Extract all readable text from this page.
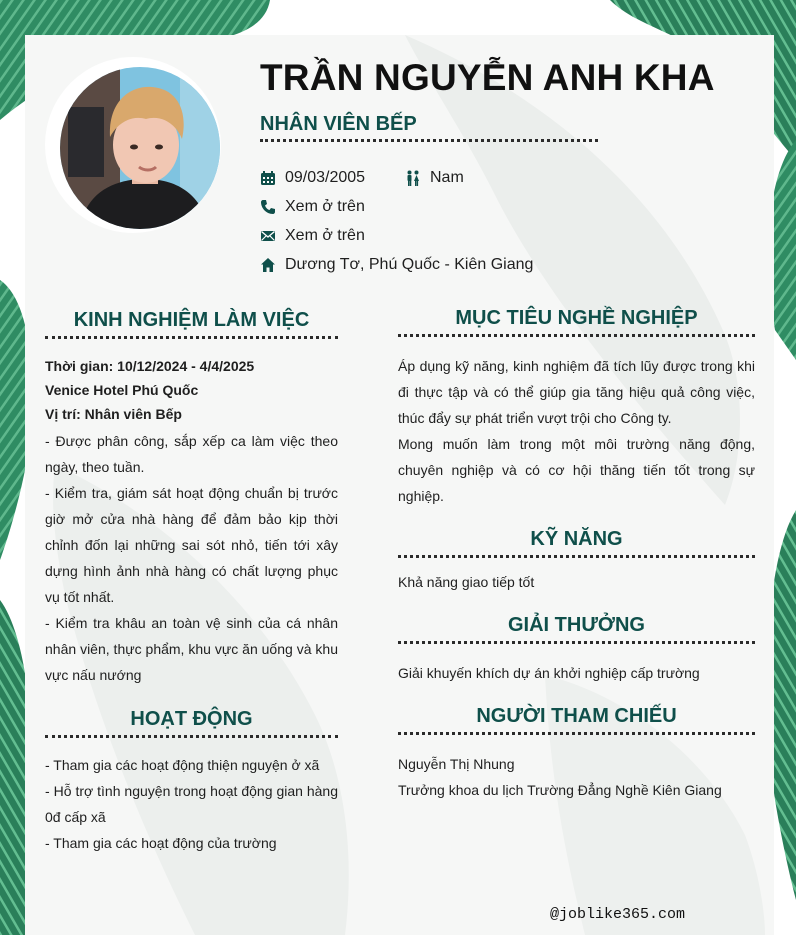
TRẦN NGUYỄN ANH KHA
NHÂN VIÊN BẾP
09/03/2005	Nam
Xem ở trên
Xem ở trên
Dương Tơ, Phú Quốc - Kiên Giang
KINH NGHIỆM LÀM VIỆC
Thời gian: 10/12/2024 - 4/4/2025
Venice Hotel Phú Quốc
Vị trí: Nhân viên Bếp
- Được phân công, sắp xếp ca làm việc theo ngày, theo tuần.
- Kiểm tra, giám sát hoạt động chuẩn bị trước giờ mở cửa nhà hàng để đảm bảo kịp thời chỉnh đốn lại những sai sót nhỏ, tiến tới xây dựng hình ảnh nhà hàng có chất lượng phục vụ tốt nhất.
- Kiểm tra khâu an toàn vệ sinh của cá nhân nhân viên, thực phẩm, khu vực ăn uống và khu vực nấu nướng
HOẠT ĐỘNG
- Tham gia các hoạt động thiện nguyện ở xã
- Hỗ trợ tình nguyện trong hoạt động gian hàng 0đ cấp xã
- Tham gia các hoạt động của trường
MỤC TIÊU NGHỀ NGHIỆP
Áp dụng kỹ năng, kinh nghiệm đã tích lũy được trong khi đi thực tập và có thể giúp gia tăng hiệu quả công việc, thúc đẩy sự phát triển vượt trội cho Công ty.
Mong muốn làm trong một môi trường năng động, chuyên nghiệp và có cơ hội thăng tiến tốt trong sự nghiệp.
KỸ NĂNG
Khả năng giao tiếp tốt
GIẢI THƯỞNG
Giải khuyến khích dự án khởi nghiệp cấp trường
NGƯỜI THAM CHIẾU
Nguyễn Thị Nhung
Trưởng khoa du lịch Trường Đẳng Nghề Kiên Giang
@joblike365.com
